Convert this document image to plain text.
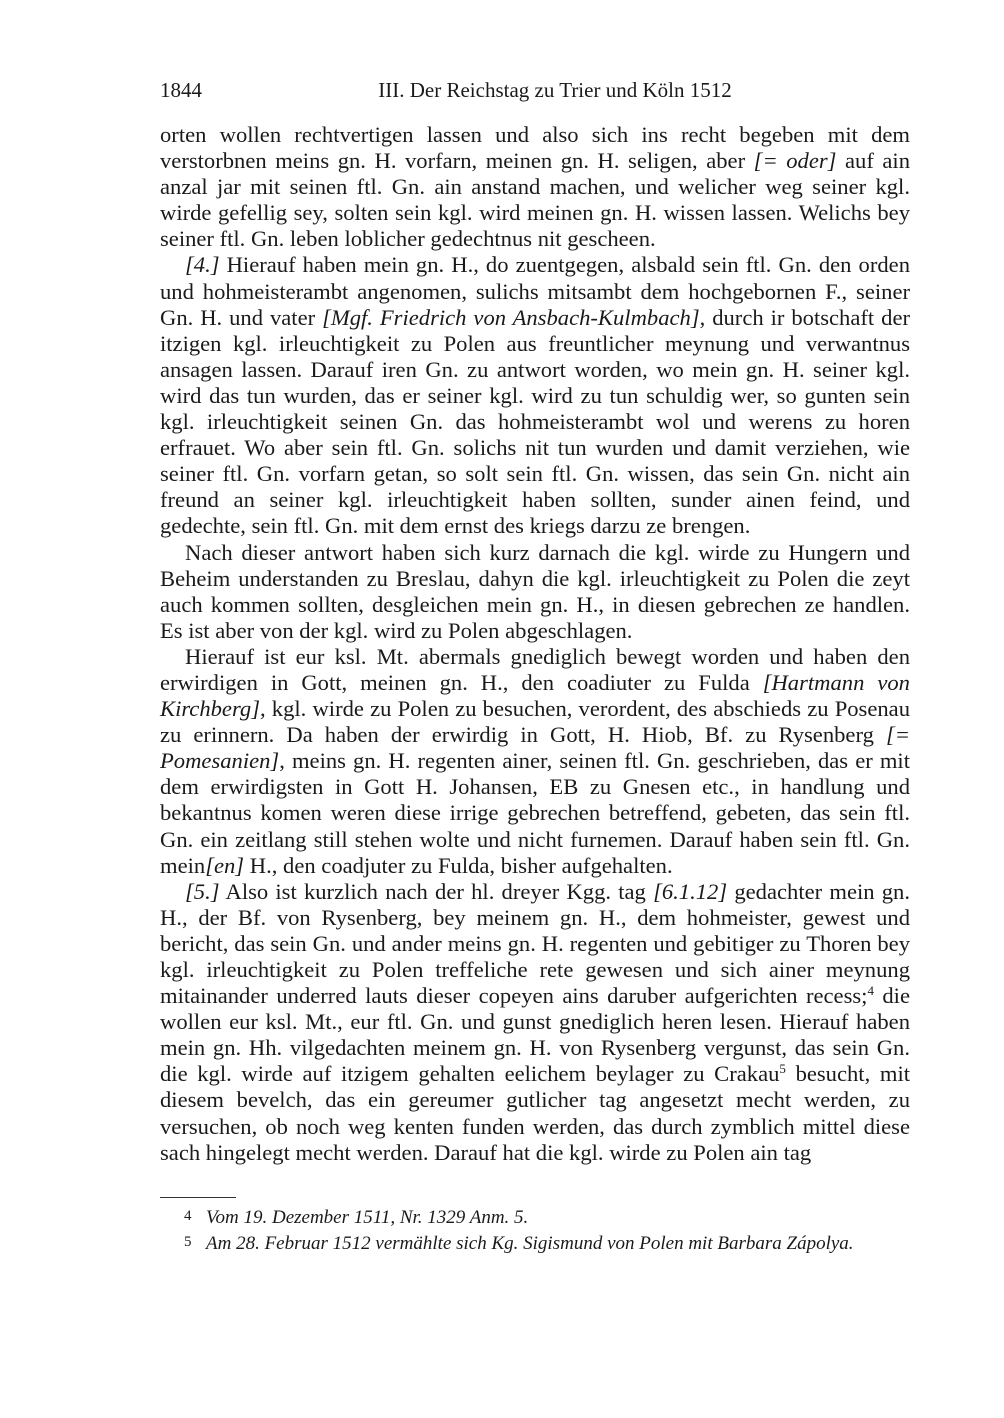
1844	III. Der Reichstag zu Trier und Köln 1512

orten wollen rechtvertigen lassen und also sich ins recht begeben mit dem verstorbnen meins gn. H. vorfarn, meinen gn. H. seligen, aber [= oder] auf ain anzal jar mit seinen ftl. Gn. ain anstand machen, und welicher weg seiner kgl. wirde gefellig sey, solten sein kgl. wird meinen gn. H. wissen lassen. Welichs bey seiner ftl. Gn. leben loblicher gedechtnus nit gescheen.

[4.] Hierauf haben mein gn. H., do zuentgegen, alsbald sein ftl. Gn. den orden und hohmeisterambt angenomen, sulichs mitsambt dem hochgebornen F., seiner Gn. H. und vater [Mgf. Friedrich von Ansbach-Kulmbach], durch ir botschaft der itzigen kgl. irleuchtigkeit zu Polen aus freuntlicher meynung und verwantnus ansagen lassen. Darauf iren Gn. zu antwort worden, wo mein gn. H. seiner kgl. wird das tun wurden, das er seiner kgl. wird zu tun schuldig wer, so gunten sein kgl. irleuchtigkeit seinen Gn. das hohmeisterambt wol und werens zu horen erfrauet. Wo aber sein ftl. Gn. solichs nit tun wurden und damit verziehen, wie seiner ftl. Gn. vorfarn getan, so solt sein ftl. Gn. wissen, das sein Gn. nicht ain freund an seiner kgl. irleuchtigkeit haben sollten, sunder ainen feind, und gedechte, sein ftl. Gn. mit dem ernst des kriegs darzu ze brengen.

Nach dieser antwort haben sich kurz darnach die kgl. wirde zu Hungern und Beheim understanden zu Breslau, dahyn die kgl. irleuchtigkeit zu Polen die zeyt auch kommen sollten, desgleichen mein gn. H., in diesen gebrechen ze handlen. Es ist aber von der kgl. wird zu Polen abgeschlagen.

Hierauf ist eur ksl. Mt. abermals gnediglich bewegt worden und haben den erwirdigen in Gott, meinen gn. H., den coadiuter zu Fulda [Hartmann von Kirchberg], kgl. wirde zu Polen zu besuchen, verordent, des abschieds zu Posenau zu erinnern. Da haben der erwirdig in Gott, H. Hiob, Bf. zu Rysenberg [= Pomesanien], meins gn. H. regenten ainer, seinen ftl. Gn. geschrieben, das er mit dem erwirdigsten in Gott H. Johansen, EB zu Gnesen etc., in handlung und bekantnus komen weren diese irrige gebrechen betreffend, gebeten, das sein ftl. Gn. ein zeitlang still stehen wolte und nicht furnemen. Darauf haben sein ftl. Gn. mein[en] H., den coadjuter zu Fulda, bisher aufgehalten.

[5.] Also ist kurzlich nach der hl. dreyer Kgg. tag [6.1.12] gedachter mein gn. H., der Bf. von Rysenberg, bey meinem gn. H., dem hohmeister, gewest und bericht, das sein Gn. und ander meins gn. H. regenten und gebitiger zu Thoren bey kgl. irleuchtigkeit zu Polen treffeliche rete gewesen und sich ainer meynung mitainander underred lauts dieser copeyen ains daruber aufgerichten recess;$^4$ die wollen eur ksl. Mt., eur ftl. Gn. und gunst gnediglich heren lesen. Hierauf haben mein gn. Hh. vilgedachten meinem gn. H. von Rysenberg vergunst, das sein Gn. die kgl. wirde auf itzigem gehalten eelichem beylager zu Crakau$^5$ besucht, mit diesem bevelch, das ein gereumer gutlicher tag angesetzt mecht werden, zu versuchen, ob noch weg kenten funden werden, das durch zymblich mittel diese sach hingelegt mecht werden. Darauf hat die kgl. wirde zu Polen ain tag

4 Vom 19. Dezember 1511, Nr. 1329 Anm. 5.

5 Am 28. Februar 1512 vermählte sich Kg. Sigismund von Polen mit Barbara Zápolya.
